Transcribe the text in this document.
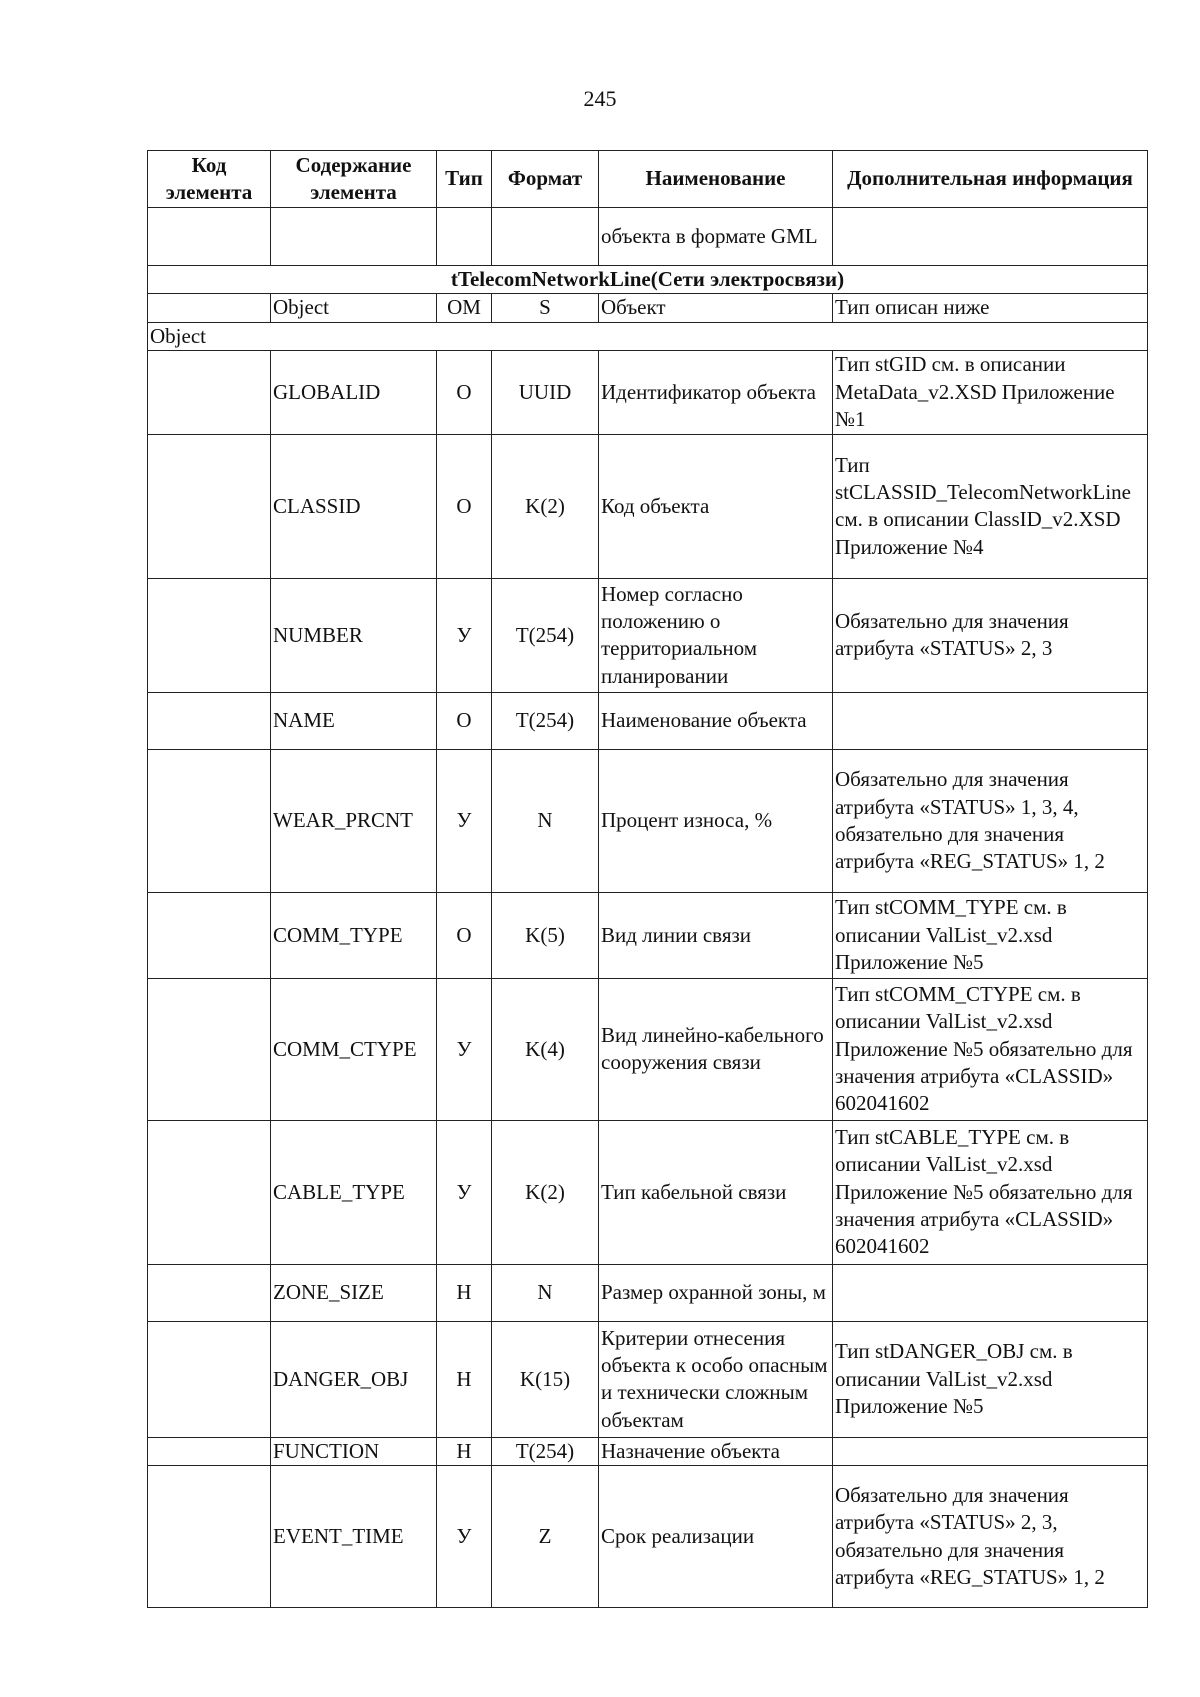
245
Код элемента	Содержание элемента	Тип	Формат	Наименование	Дополнительная информация
				объекта в формате GML	
tTelecomNetworkLine(Сети электросвязи)					
	Object	OM	S	Объект	Тип описан ниже
Object					
	GLOBALID	О	UUID	Идентификатор объекта	Тип stGID см. в описании MetaData_v2.XSD Приложение №1
	CLASSID	О	K(2)	Код объекта	Тип stCLASSID_TelecomNetworkLine см. в описании ClassID_v2.XSD Приложение №4
	NUMBER	У	T(254)	Номер согласно положению о территориальном планировании	Обязательно для значения атрибута «STATUS» 2, 3
	NAME	О	T(254)	Наименование объекта	
	WEAR_PRCNT	У	N	Процент износа, %	Обязательно для значения атрибута «STATUS» 1, 3, 4, обязательно для значения атрибута «REG_STATUS» 1, 2
	COMM_TYPE	О	K(5)	Вид линии связи	Тип stCOMM_TYPE см. в описании ValList_v2.xsd Приложение №5
	COMM_CTYPE	У	K(4)	Вид линейно-кабельного сооружения связи	Тип stCOMM_CTYPE см. в описании ValList_v2.xsd Приложение №5 обязательно для значения атрибута «CLASSID» 602041602
	CABLE_TYPE	У	K(2)	Тип кабельной связи	Тип stCABLE_TYPE см. в описании ValList_v2.xsd Приложение №5 обязательно для значения атрибута «CLASSID» 602041602
	ZONE_SIZE	Н	N	Размер охранной зоны, м	
	DANGER_OBJ	Н	K(15)	Критерии отнесения объекта к особо опасным и технически сложным объектам	Тип stDANGER_OBJ см. в описании ValList_v2.xsd Приложение №5
	FUNCTION	Н	T(254)	Назначение объекта	
	EVENT_TIME	У	Z	Срок реализации	Обязательно для значения атрибута «STATUS» 2, 3, обязательно для значения атрибута «REG_STATUS» 1, 2
